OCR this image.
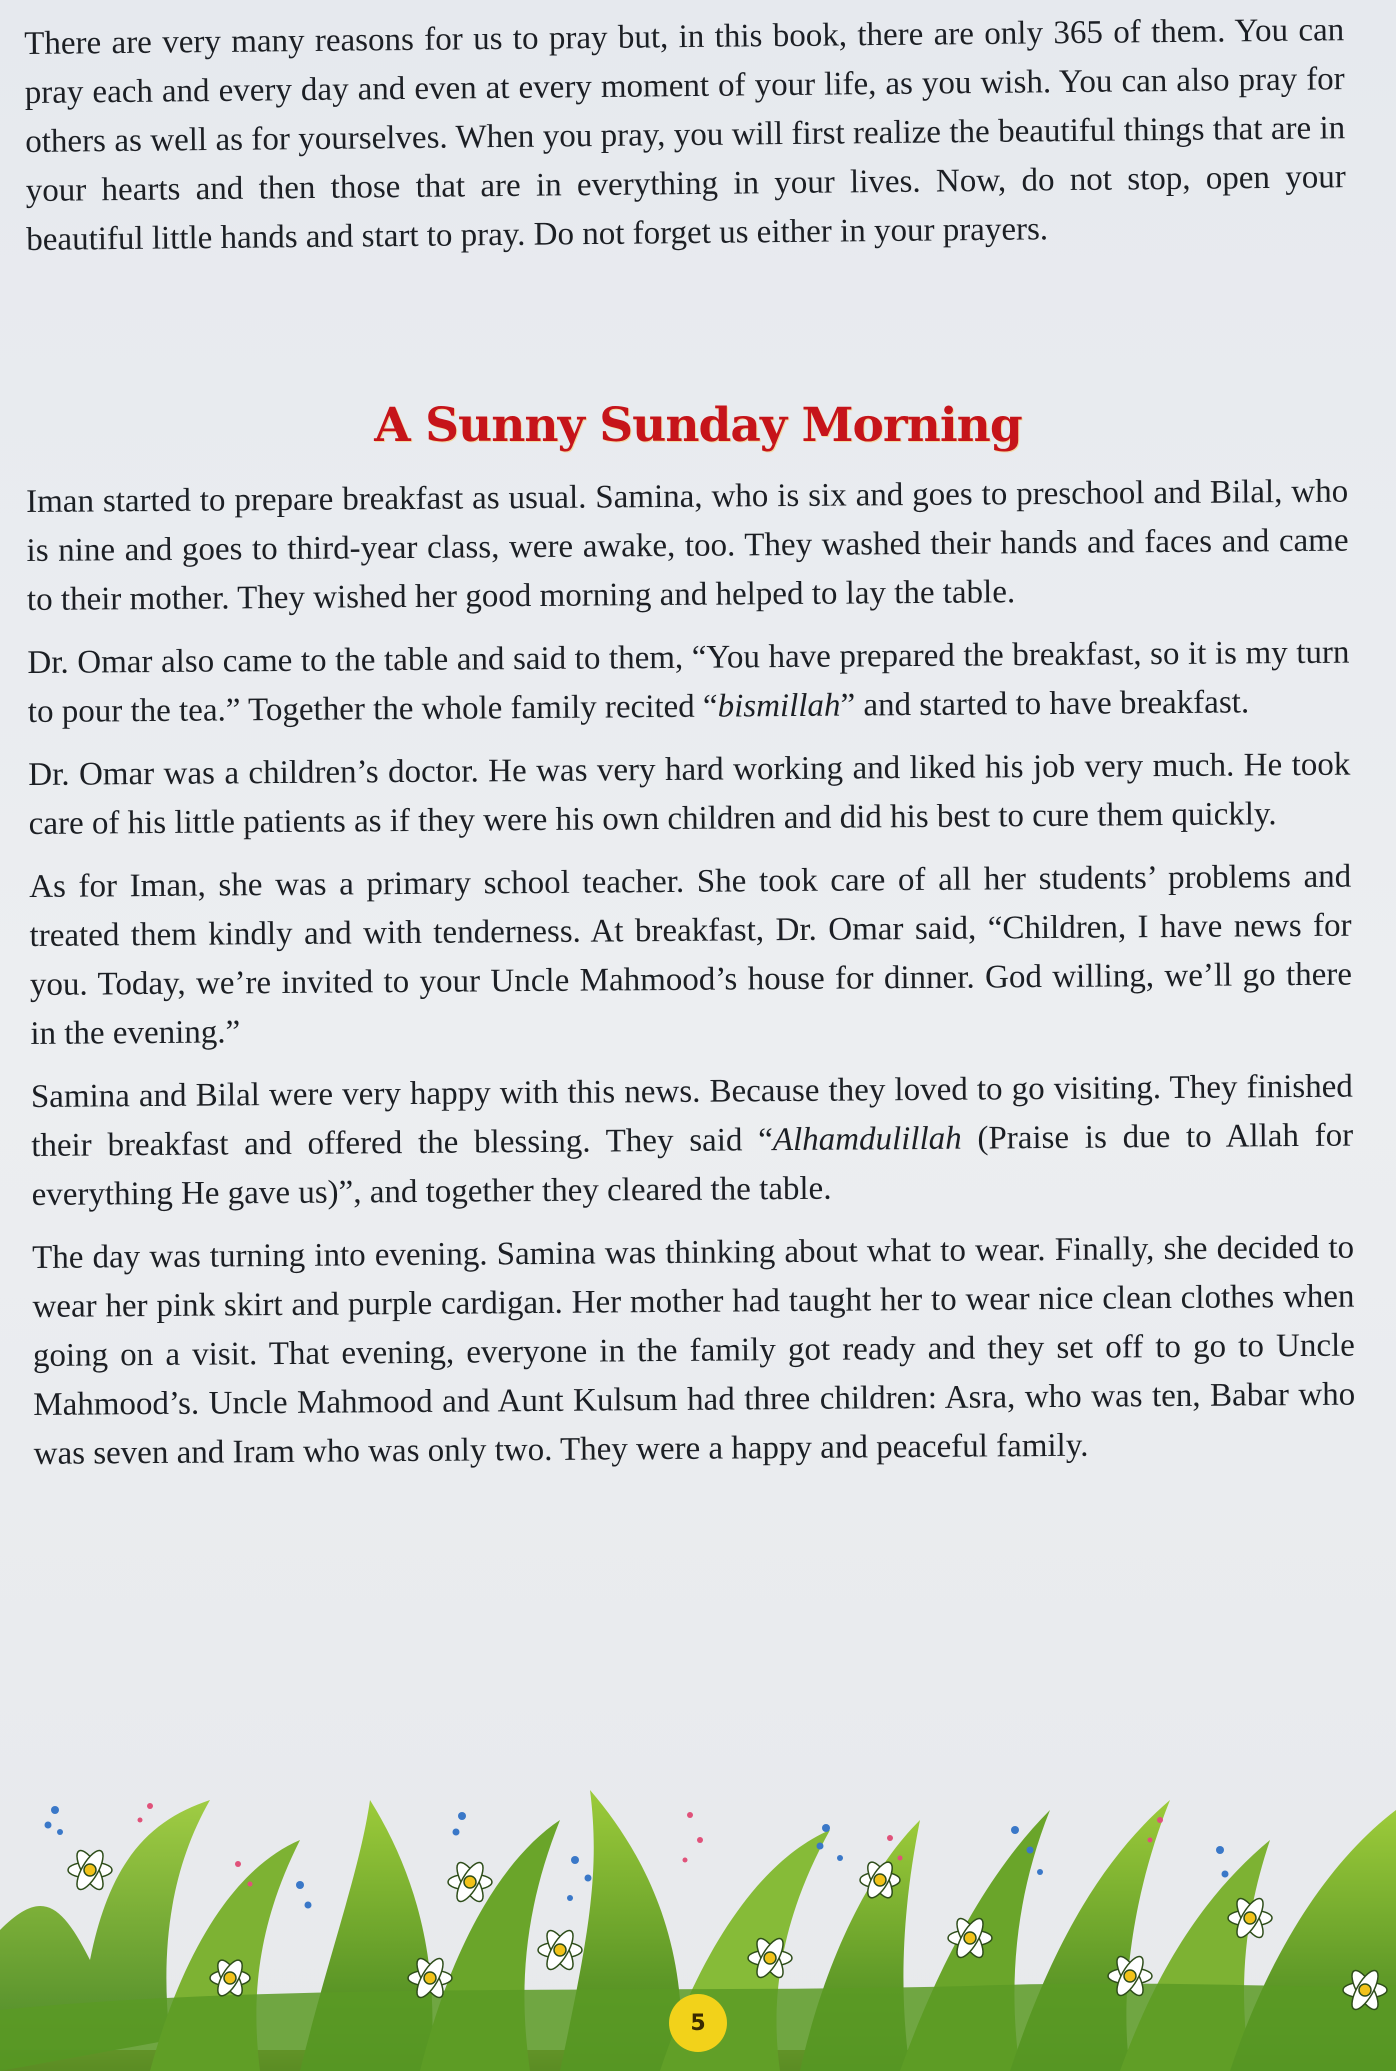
There are very many reasons for us to pray but, in this book, there are only 365 of them. You can pray each and every day and even at every moment of your life, as you wish. You can also pray for others as well as for yourselves. When you pray, you will first realize the beautiful things that are in your hearts and then those that are in everything in your lives. Now, do not stop, open your beautiful little hands and start to pray. Do not forget us either in your prayers.
A Sunny Sunday Morning

Iman started to prepare breakfast as usual. Samina, who is six and goes to preschool and Bilal, who is nine and goes to third-year class, were awake, too. They washed their hands and faces and came to their mother. They wished her good morning and helped to lay the table.

Dr. Omar also came to the table and said to them, “You have prepared the breakfast, so it is my turn to pour the tea.” Together the whole family recited “bismillah” and started to have breakfast.

Dr. Omar was a children’s doctor. He was very hard working and liked his job very much. He took care of his little patients as if they were his own children and did his best to cure them quickly.

As for Iman, she was a primary school teacher. She took care of all her students’ problems and treated them kindly and with tenderness. At breakfast, Dr. Omar said, “Children, I have news for you. Today, we’re invited to your Uncle Mahmood’s house for dinner. God willing, we’ll go there in the evening.”

Samina and Bilal were very happy with this news. Because they loved to go visiting. They finished their breakfast and offered the blessing. They said “Alhamdulillah (Praise is due to Allah for everything He gave us)”, and together they cleared the table.

The day was turning into evening. Samina was thinking about what to wear. Finally, she decided to wear her pink skirt and purple cardigan. Her mother had taught her to wear nice clean clothes when going on a visit. That evening, everyone in the family got ready and they set off to go to Uncle Mahmood’s. Uncle Mahmood and Aunt Kulsum had three children: Asra, who was ten, Babar who was seven and Iram who was only two. They were a happy and peaceful family.

5
